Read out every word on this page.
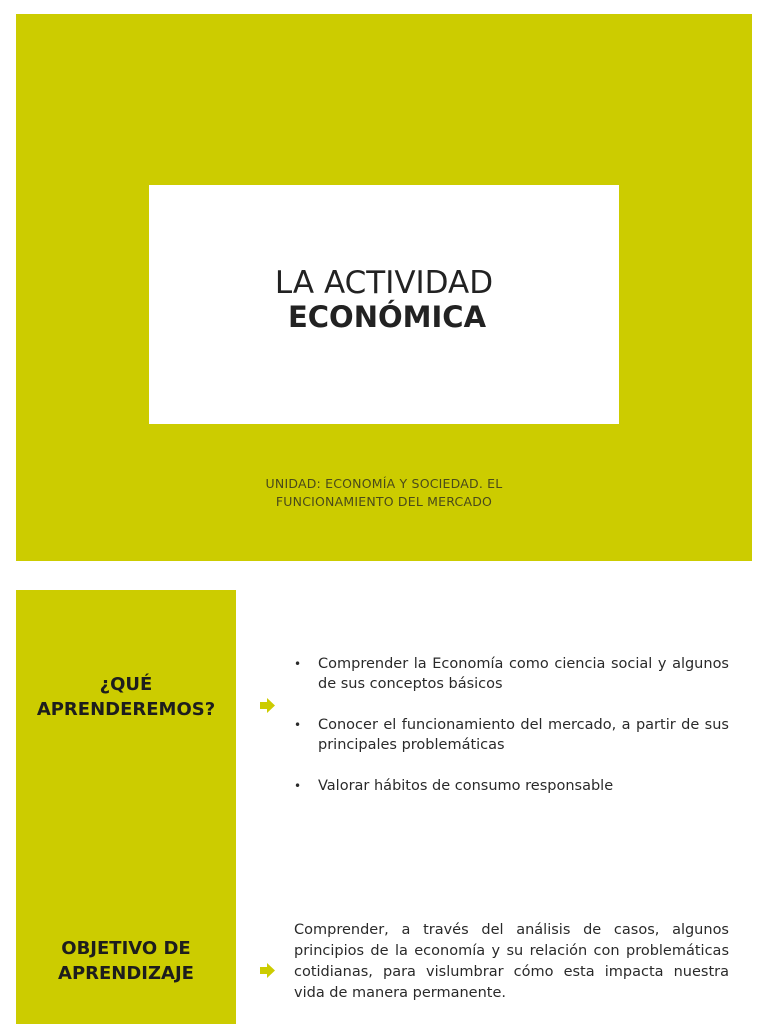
LA ACTIVIDAD
ECONÓMICA
UNIDAD: ECONOMÍA Y SOCIEDAD. EL
FUNCIONAMIENTO DEL MERCADO
¿QUÉ
APRENDEREMOS?
• Comprender la Economía como ciencia social y algunos de sus conceptos básicos
• Conocer el funcionamiento del mercado, a partir de sus principales problemáticas
• Valorar hábitos de consumo responsable
OBJETIVO DE
APRENDIZAJE
Comprender, a través del análisis de casos, algunos principios de la economía y su relación con problemáticas cotidianas, para vislumbrar cómo esta impacta nuestra vida de manera permanente.
